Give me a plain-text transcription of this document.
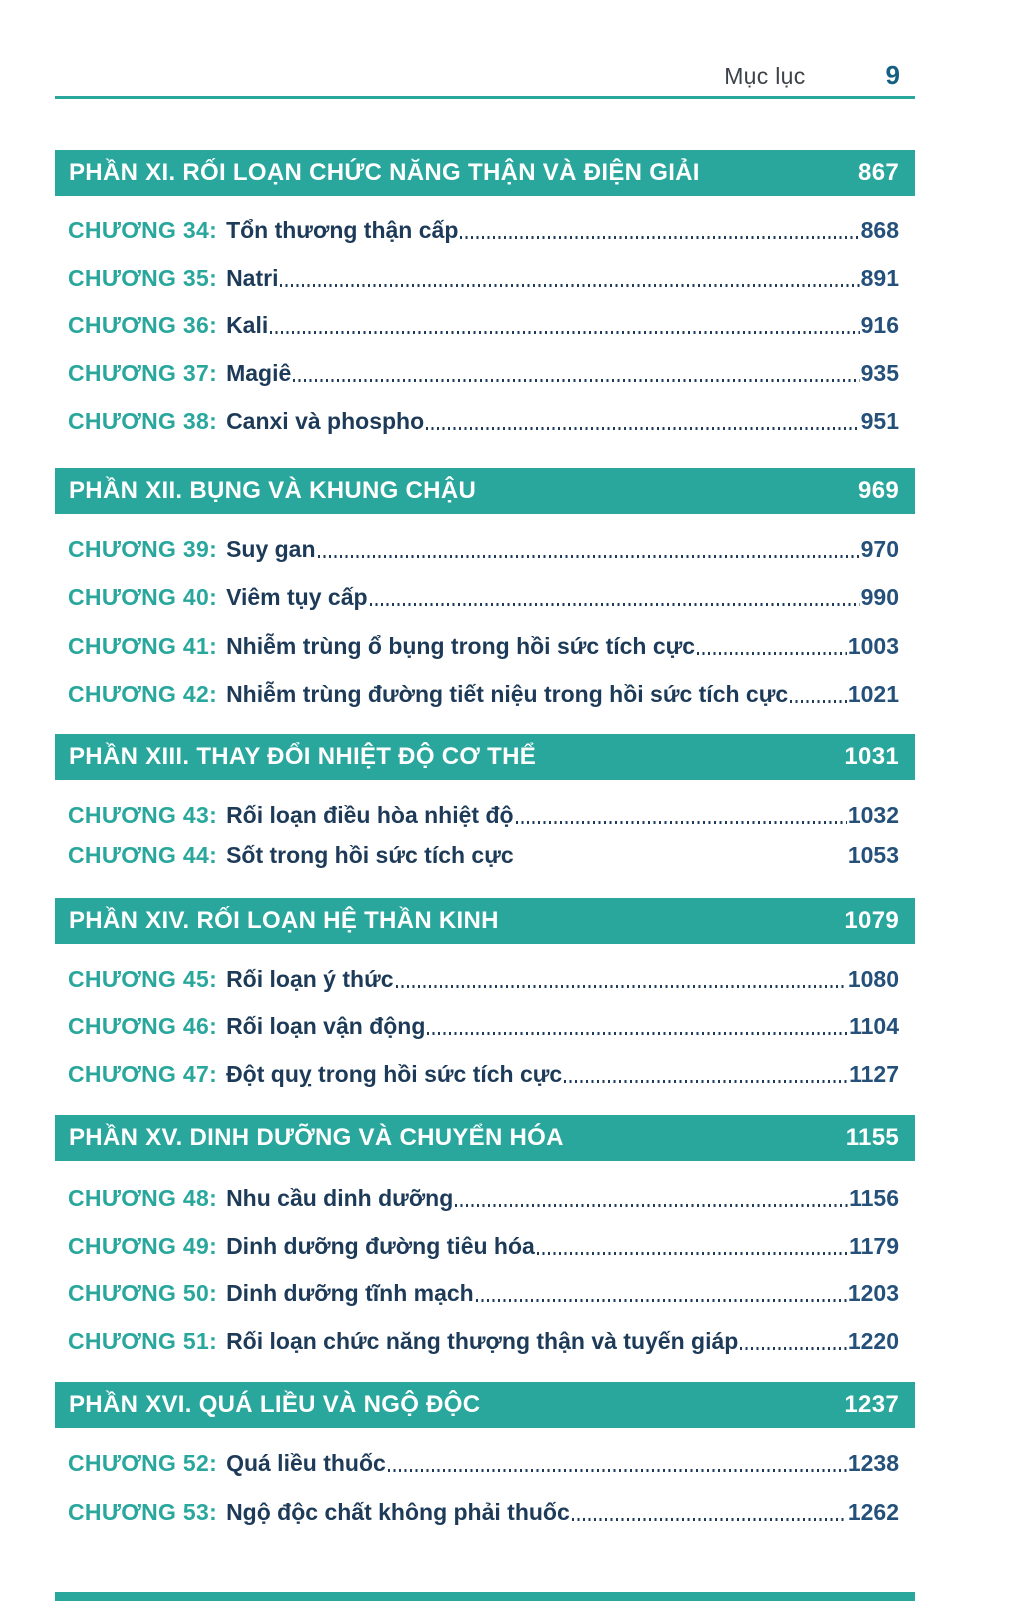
Mục lục	9
PHẦN XI. RỐI LOẠN CHỨC NĂNG THẬN VÀ ĐIỆN GIẢI	867
CHƯƠNG 34: Tổn thương thận cấp	868
CHƯƠNG 35: Natri	891
CHƯƠNG 36: Kali	916
CHƯƠNG 37: Magiê	935
CHƯƠNG 38: Canxi và phospho	951
PHẦN XII. BỤNG VÀ KHUNG CHẬU	969
CHƯƠNG 39: Suy gan	970
CHƯƠNG 40: Viêm tụy cấp	990
CHƯƠNG 41: Nhiễm trùng ổ bụng trong hồi sức tích cực	1003
CHƯƠNG 42: Nhiễm trùng đường tiết niệu trong hồi sức tích cực	1021
PHẦN XIII. THAY ĐỔI NHIỆT ĐỘ CƠ THỂ	1031
CHƯƠNG 43: Rối loạn điều hòa nhiệt độ	1032
CHƯƠNG 44: Sốt trong hồi sức tích cực	1053
PHẦN XIV. RỐI LOẠN HỆ THẦN KINH	1079
CHƯƠNG 45: Rối loạn ý thức	1080
CHƯƠNG 46: Rối loạn vận động	1104
CHƯƠNG 47: Đột quỵ trong hồi sức tích cực	1127
PHẦN XV. DINH DƯỠNG VÀ CHUYỂN HÓA	1155
CHƯƠNG 48: Nhu cầu dinh dưỡng	1156
CHƯƠNG 49: Dinh dưỡng đường tiêu hóa	1179
CHƯƠNG 50: Dinh dưỡng tĩnh mạch	1203
CHƯƠNG 51: Rối loạn chức năng thượng thận và tuyến giáp	1220
PHẦN XVI. QUÁ LIỀU VÀ NGỘ ĐỘC	1237
CHƯƠNG 52: Quá liều thuốc	1238
CHƯƠNG 53: Ngộ độc chất không phải thuốc	1262
